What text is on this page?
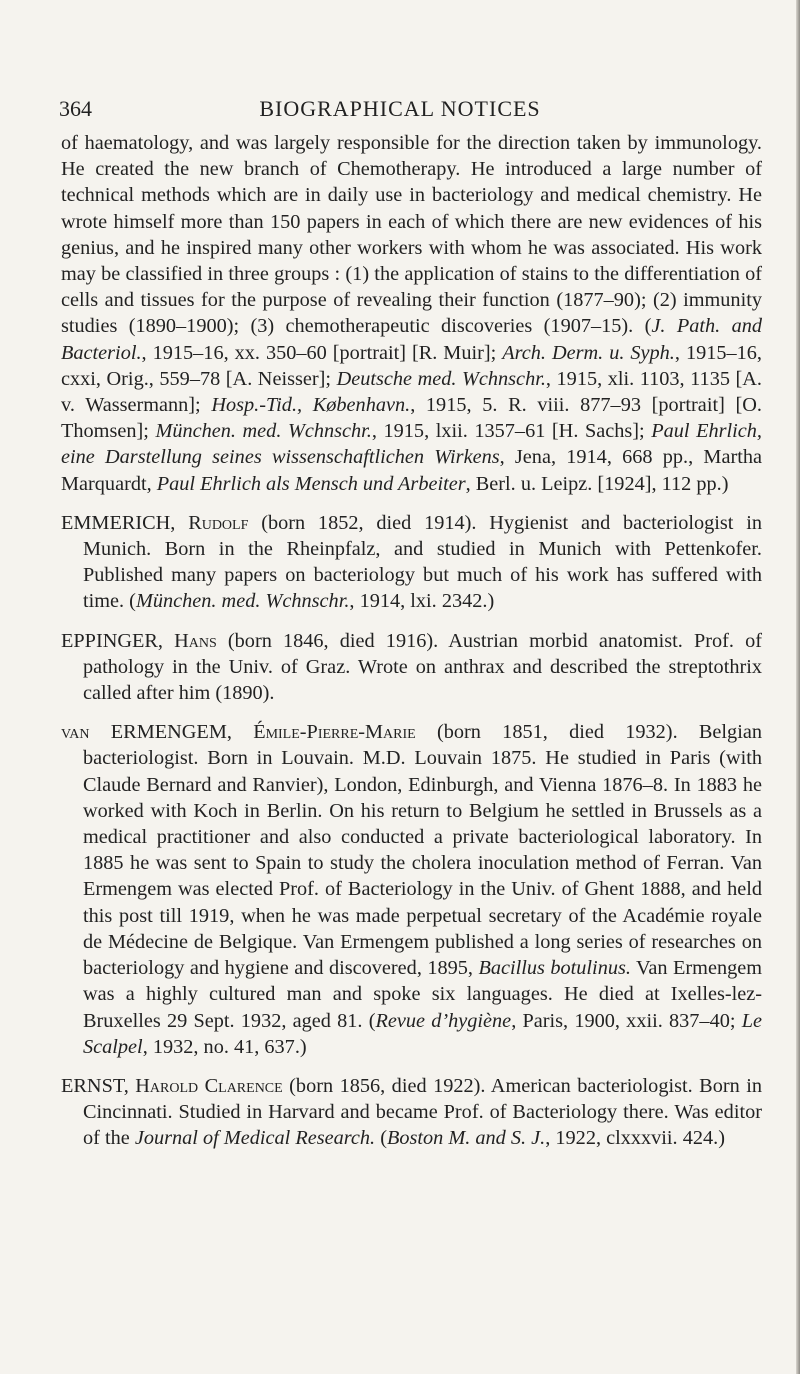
364	BIOGRAPHICAL NOTICES

of haematology, and was largely responsible for the direction taken by immunology. He created the new branch of Chemotherapy. He introduced a large number of technical methods which are in daily use in bacteriology and medical chemistry. He wrote himself more than 150 papers in each of which there are new evidences of his genius, and he inspired many other workers with whom he was associated. His work may be classified in three groups : (1) the application of stains to the differentiation of cells and tissues for the purpose of revealing their function (1877–90); (2) immunity studies (1890–1900); (3) chemotherapeutic discoveries (1907–15). (J. Path. and Bacteriol., 1915–16, xx. 350–60 [portrait] [R. Muir]; Arch. Derm. u. Syph., 1915–16, cxxi, Orig., 559–78 [A. Neisser]; Deutsche med. Wchnschr., 1915, xli. 1103, 1135 [A. v. Wassermann]; Hosp.-Tid., København., 1915, 5. R. viii. 877–93 [portrait] [O. Thomsen]; München. med. Wchnschr., 1915, lxii. 1357–61 [H. Sachs]; Paul Ehrlich, eine Darstellung seines wissenschaftlichen Wirkens, Jena, 1914, 668 pp., Martha Marquardt, Paul Ehrlich als Mensch und Arbeiter, Berl. u. Leipz. [1924], 112 pp.)

EMMERICH, Rudolf (born 1852, died 1914). Hygienist and bacteriologist in Munich. Born in the Rheinpfalz, and studied in Munich with Pettenkofer. Published many papers on bacteriology but much of his work has suffered with time. (München. med. Wchnschr., 1914, lxi. 2342.)

EPPINGER, Hans (born 1846, died 1916). Austrian morbid anatomist. Prof. of pathology in the Univ. of Graz. Wrote on anthrax and described the streptothrix called after him (1890).

van ERMENGEM, Émile-Pierre-Marie (born 1851, died 1932). Belgian bacteriologist. Born in Louvain. M.D. Louvain 1875. He studied in Paris (with Claude Bernard and Ranvier), London, Edinburgh, and Vienna 1876–8. In 1883 he worked with Koch in Berlin. On his return to Belgium he settled in Brussels as a medical practitioner and also conducted a private bacteriological laboratory. In 1885 he was sent to Spain to study the cholera inoculation method of Ferran. Van Ermengem was elected Prof. of Bacteriology in the Univ. of Ghent 1888, and held this post till 1919, when he was made perpetual secretary of the Académie royale de Médecine de Belgique. Van Ermengem published a long series of researches on bacteriology and hygiene and discovered, 1895, Bacillus botulinus. Van Ermengem was a highly cultured man and spoke six languages. He died at Ixelles-lez-Bruxelles 29 Sept. 1932, aged 81. (Revue d’hygiène, Paris, 1900, xxii. 837–40; Le Scalpel, 1932, no. 41, 637.)

ERNST, Harold Clarence (born 1856, died 1922). American bacteriologist. Born in Cincinnati. Studied in Harvard and became Prof. of Bacteriology there. Was editor of the Journal of Medical Research. (Boston M. and S. J., 1922, clxxxvii. 424.)
